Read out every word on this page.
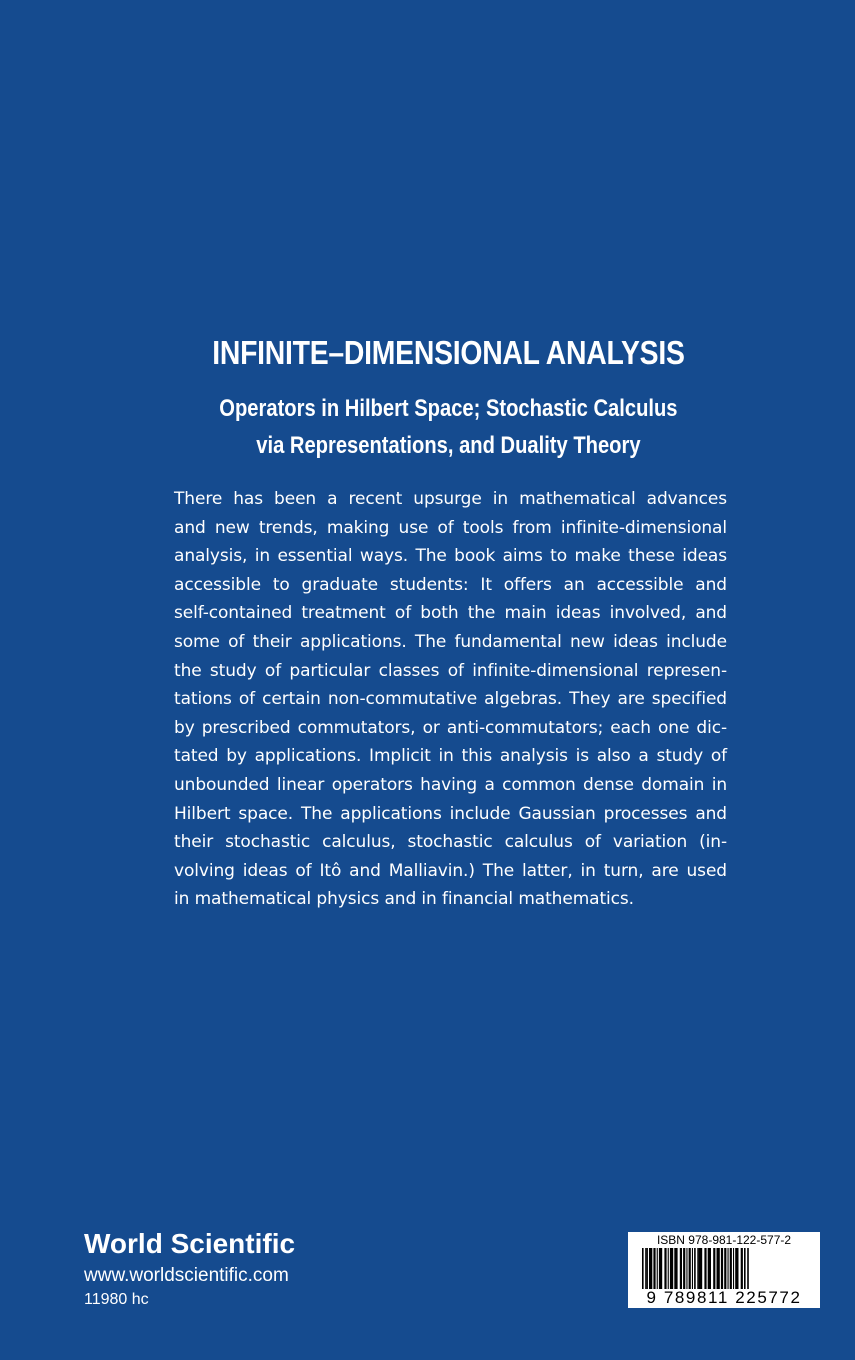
INFINITE–DIMENSIONAL ANALYSIS
Operators in Hilbert Space; Stochastic Calculus
via Representations, and Duality Theory

There has been a recent upsurge in mathematical advances
and new trends, making use of tools from infinite-dimensional
analysis, in essential ways. The book aims to make these ideas
accessible to graduate students: It offers an accessible and
self-contained treatment of both the main ideas involved, and
some of their applications. The fundamental new ideas include
the study of particular classes of infinite-dimensional represen-
tations of certain non-commutative algebras. They are specified
by prescribed commutators, or anti-commutators; each one dic-
tated by applications. Implicit in this analysis is also a study of
unbounded linear operators having a common dense domain in
Hilbert space. The applications include Gaussian processes and
their stochastic calculus, stochastic calculus of variation (in-
volving ideas of Itô and Malliavin.) The latter, in turn, are used
in mathematical physics and in financial mathematics.

World Scientific
www.worldscientific.com
11980 hc
ISBN 978-981-122-577-2
9 789811 225772
